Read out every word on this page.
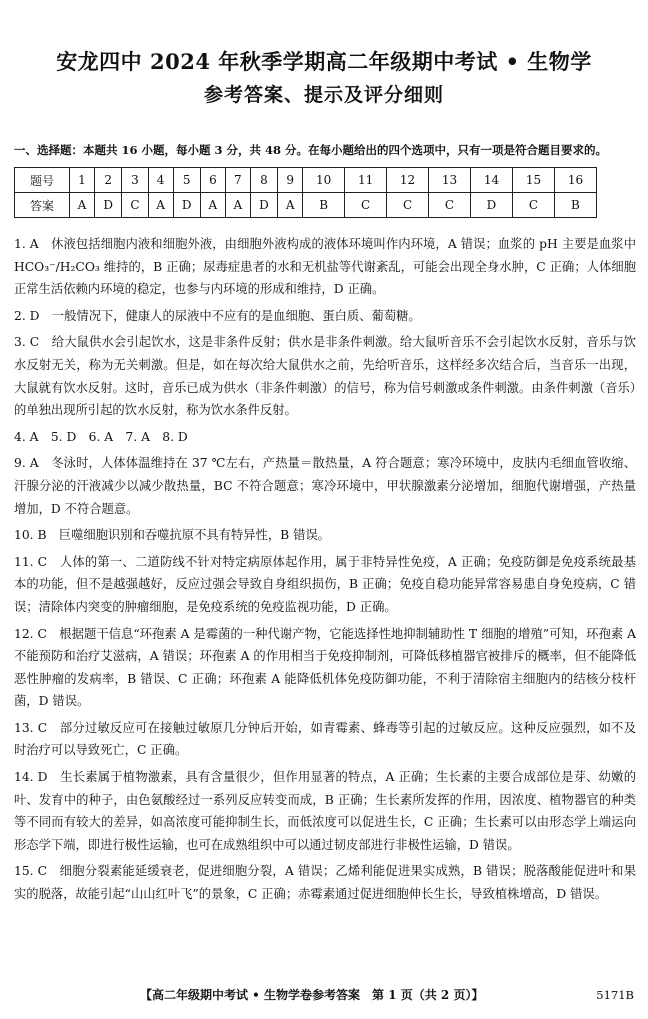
安龙四中 2024 年秋季学期高二年级期中考试 • 生物学
参考答案、提示及评分细则
一、选择题：本题共 16 小题，每小题 3 分，共 48 分。在每小题给出的四个选项中，只有一项是符合题目要求的。
题号	1	2	3	4	5	6	7	8	9	10	11	12	13	14	15	16
答案	A	D	C	A	D	A	A	D	A	B	C	C	C	D	C	B

1. A　休液包括细胞内液和细胞外液，由细胞外液构成的液体环境叫作内环境，A 错误；血浆的 pH 主要是血浆中 HCO₃⁻/H₂CO₃ 维持的，B 正确；尿毒症患者的水和无机盐等代谢紊乱，可能会出现全身水肿，C 正确；人体细胞正常生活依赖内环境的稳定，也参与内环境的形成和维持，D 正确。

2. D　一般情况下，健康人的尿液中不应有的是血细胞、蛋白质、葡萄糖。

3. C　给大鼠供水会引起饮水，这是非条件反射；供水是非条件刺激。给大鼠听音乐不会引起饮水反射，音乐与饮水反射无关，称为无关刺激。但是，如在每次给大鼠供水之前，先给听音乐，这样经多次结合后，当音乐一出现，大鼠就有饮水反射。这时，音乐已成为供水（非条件刺激）的信号，称为信号刺激或条件刺激。由条件刺激（音乐）的单独出现所引起的饮水反射，称为饮水条件反射。

4. A　5. D　6. A　7. A　8. D

9. A　冬泳时，人体体温维持在 37 ℃左右，产热量＝散热量，A 符合题意；寒冷环境中，皮肤内毛细血管收缩、汗腺分泌的汗液减少以减少散热量，BC 不符合题意；寒冷环境中，甲状腺激素分泌增加，细胞代谢增强，产热量增加，D 不符合题意。

10. B　巨噬细胞识别和吞噬抗原不具有特异性，B 错误。

11. C　人体的第一、二道防线不针对特定病原体起作用，属于非特异性免疫，A 正确；免疫防御是免疫系统最基本的功能，但不是越强越好，反应过强会导致自身组织损伤，B 正确；免疫自稳功能异常容易患自身免疫病，C 错误；清除体内突变的肿瘤细胞，是免疫系统的免疫监视功能，D 正确。

12. C　根据题干信息“环孢素 A 是霉菌的一种代谢产物，它能选择性地抑制辅助性 T 细胞的增殖”可知，环孢素 A 不能预防和治疗艾滋病，A 错误；环孢素 A 的作用相当于免疫抑制剂，可降低移植器官被排斥的概率，但不能降低恶性肿瘤的发病率，B 错误、C 正确；环孢素 A 能降低机体免疫防御功能，不利于清除宿主细胞内的结核分枝杆菌，D 错误。

13. C　部分过敏反应可在接触过敏原几分钟后开始，如青霉素、蜂毒等引起的过敏反应。这种反应强烈，如不及时治疗可以导致死亡，C 正确。

14. D　生长素属于植物激素，具有含量很少，但作用显著的特点，A 正确；生长素的主要合成部位是芽、幼嫩的叶、发育中的种子，由色氨酸经过一系列反应转变而成，B 正确；生长素所发挥的作用，因浓度、植物器官的种类等不同而有较大的差异，如高浓度可能抑制生长，而低浓度可以促进生长，C 正确；生长素可以由形态学上端运向形态学下端，即进行极性运输，也可在成熟组织中可以通过韧皮部进行非极性运输，D 错误。

15. C　细胞分裂素能延缓衰老，促进细胞分裂，A 错误；乙烯利能促进果实成熟，B 错误；脱落酸能促进叶和果实的脱落，故能引起“山山红叶飞”的景象，C 正确；赤霉素通过促进细胞伸长生长，导致植株增高，D 错误。

【高二年级期中考试 • 生物学卷参考答案　第 1 页（共 2 页）】	5171B
